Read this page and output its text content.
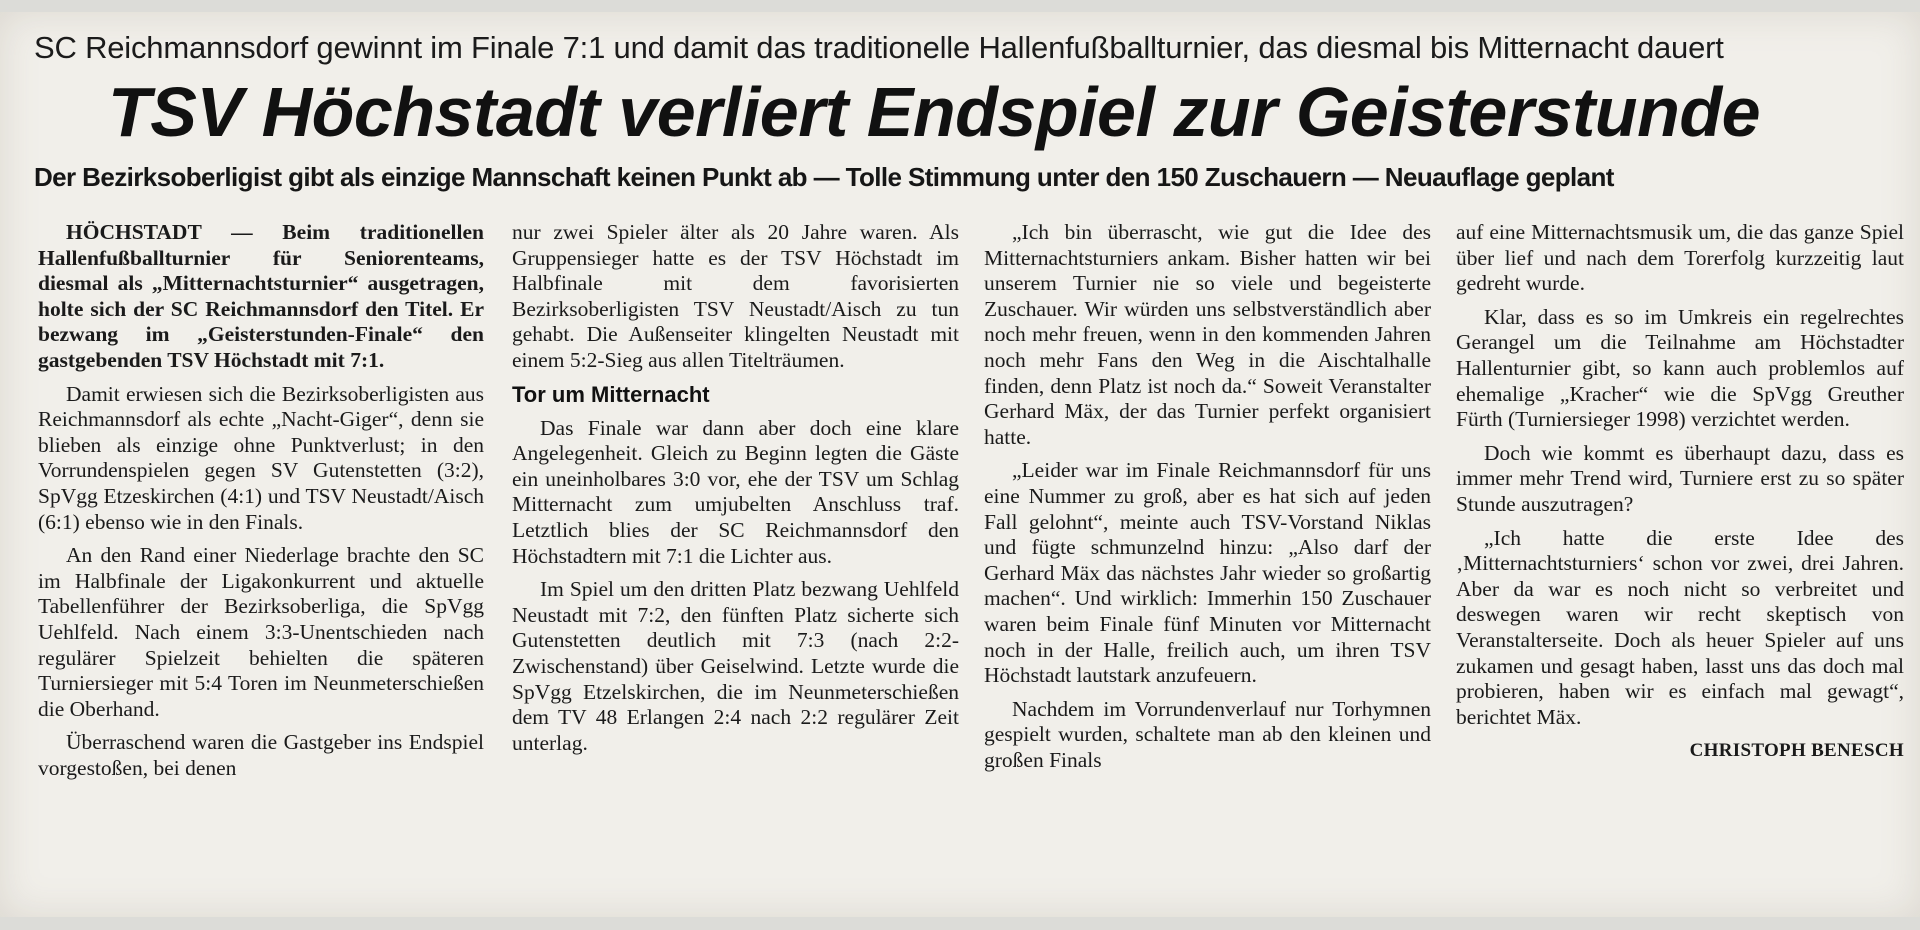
SC Reichmannsdorf gewinnt im Finale 7:1 und damit das traditionelle Hallenfußballturnier, das diesmal bis Mitternacht dauert
TSV Höchstadt verliert Endspiel zur Geisterstunde
Der Bezirksoberligist gibt als einzige Mannschaft keinen Punkt ab — Tolle Stimmung unter den 150 Zuschauern — Neuauflage geplant

HÖCHSTADT — Beim traditionellen Hallenfußballturnier für Seniorenteams, diesmal als „Mitternachtsturnier“ ausgetragen, holte sich der SC Reichmannsdorf den Titel. Er bezwang im „Geisterstunden-Finale“ den gastgebenden TSV Höchstadt mit 7:1.

Damit erwiesen sich die Bezirksoberligisten aus Reichmannsdorf als echte „Nacht-Giger“, denn sie blieben als einzige ohne Punktverlust; in den Vorrundenspielen gegen SV Gutenstetten (3:2), SpVgg Etzeskirchen (4:1) und TSV Neustadt/Aisch (6:1) ebenso wie in den Finals.

An den Rand einer Niederlage brachte den SC im Halbfinale der Ligakonkurrent und aktuelle Tabellenführer der Bezirksoberliga, die SpVgg Uehlfeld. Nach einem 3:3-Unentschieden nach regulärer Spielzeit behielten die späteren Turniersieger mit 5:4 Toren im Neunmeterschießen die Oberhand.

Überraschend waren die Gastgeber ins Endspiel vorgestoßen, bei denen

nur zwei Spieler älter als 20 Jahre waren. Als Gruppensieger hatte es der TSV Höchstadt im Halbfinale mit dem favorisierten Bezirksoberligisten TSV Neustadt/Aisch zu tun gehabt. Die Außenseiter klingelten Neustadt mit einem 5:2-Sieg aus allen Titelträumen.

Tor um Mitternacht

Das Finale war dann aber doch eine klare Angelegenheit. Gleich zu Beginn legten die Gäste ein uneinholbares 3:0 vor, ehe der TSV um Schlag Mitternacht zum umjubelten Anschluss traf. Letztlich blies der SC Reichmannsdorf den Höchstadtern mit 7:1 die Lichter aus.

Im Spiel um den dritten Platz bezwang Uehlfeld Neustadt mit 7:2, den fünften Platz sicherte sich Gutenstetten deutlich mit 7:3 (nach 2:2-Zwischenstand) über Geiselwind. Letzte wurde die SpVgg Etzelskirchen, die im Neunmeterschießen dem TV 48 Erlangen 2:4 nach 2:2 regulärer Zeit unterlag.

„Ich bin überrascht, wie gut die Idee des Mitternachtsturniers ankam. Bisher hatten wir bei unserem Turnier nie so viele und begeisterte Zuschauer. Wir würden uns selbstverständlich aber noch mehr freuen, wenn in den kommenden Jahren noch mehr Fans den Weg in die Aischtalhalle finden, denn Platz ist noch da.“ Soweit Veranstalter Gerhard Mäx, der das Turnier perfekt organisiert hatte.

„Leider war im Finale Reichmannsdorf für uns eine Nummer zu groß, aber es hat sich auf jeden Fall gelohnt“, meinte auch TSV-Vorstand Niklas und fügte schmunzelnd hinzu: „Also darf der Gerhard Mäx das nächstes Jahr wieder so großartig machen“. Und wirklich: Immerhin 150 Zuschauer waren beim Finale fünf Minuten vor Mitternacht noch in der Halle, freilich auch, um ihren TSV Höchstadt lautstark anzufeuern.

Nachdem im Vorrundenverlauf nur Torhymnen gespielt wurden, schaltete man ab den kleinen und großen Finals

auf eine Mitternachtsmusik um, die das ganze Spiel über lief und nach dem Torerfolg kurzzeitig laut gedreht wurde.

Klar, dass es so im Umkreis ein regelrechtes Gerangel um die Teilnahme am Höchstadter Hallenturnier gibt, so kann auch problemlos auf ehemalige „Kracher“ wie die SpVgg Greuther Fürth (Turniersieger 1998) verzichtet werden.

Doch wie kommt es überhaupt dazu, dass es immer mehr Trend wird, Turniere erst zu so später Stunde auszutragen?

„Ich hatte die erste Idee des ‚Mitternachtsturniers‘ schon vor zwei, drei Jahren. Aber da war es noch nicht so verbreitet und deswegen waren wir recht skeptisch von Veranstalterseite. Doch als heuer Spieler auf uns zukamen und gesagt haben, lasst uns das doch mal probieren, haben wir es einfach mal gewagt“, berichtet Mäx.

CHRISTOPH BENESCH
